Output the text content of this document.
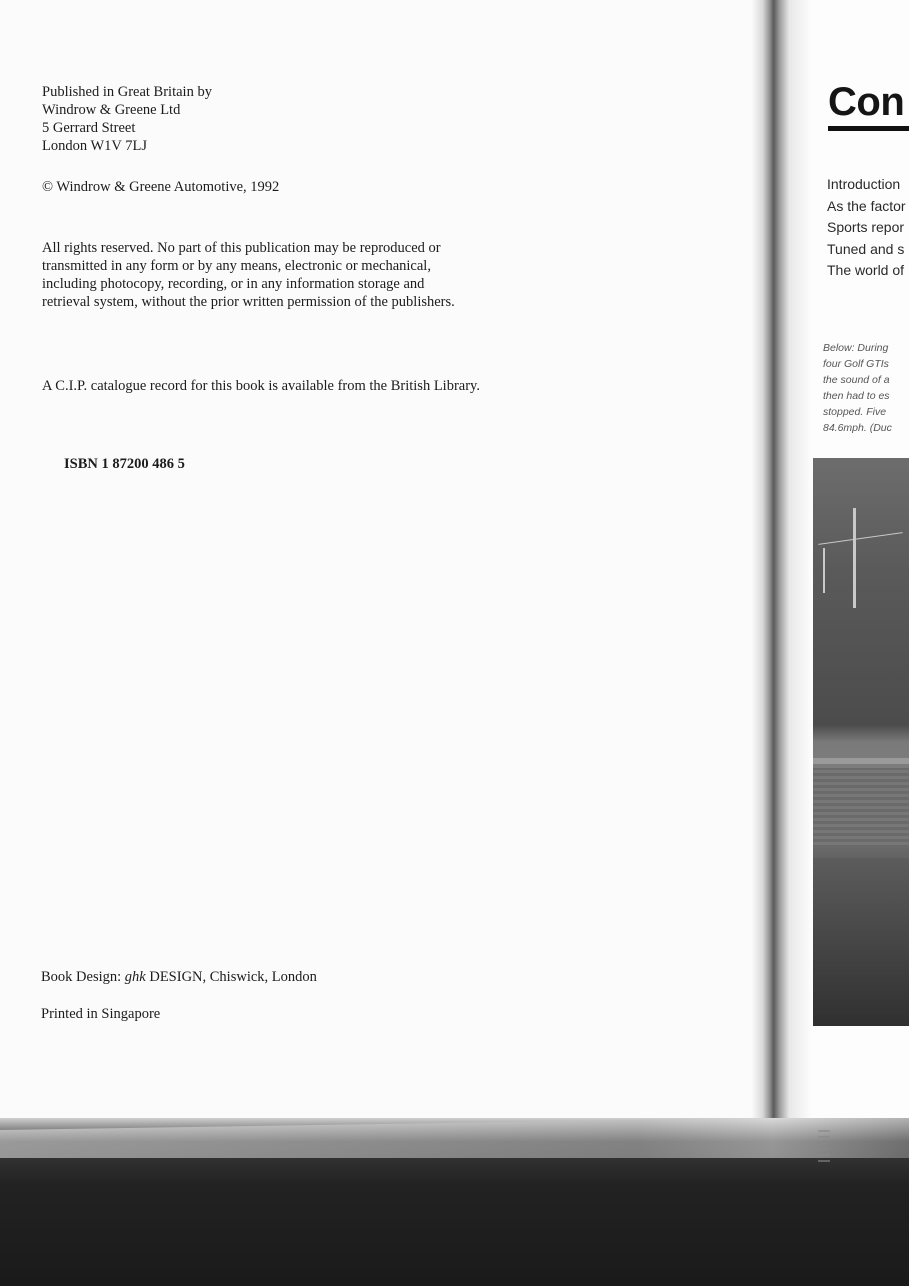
Published in Great Britain by
Windrow & Greene Ltd
5 Gerrard Street
London W1V 7LJ
© Windrow & Greene Automotive, 1992
All rights reserved. No part of this publication may be reproduced or
transmitted in any form or by any means, electronic or mechanical,
including photocopy, recording, or in any information storage and
retrieval system, without the prior written permission of the publishers.
A C.I.P. catalogue record for this book is available from the British Library.
ISBN 1 87200 486 5
Book Design: ghk DESIGN, Chiswick, London
Printed in Singapore
Con
Introduction
As the factor
Sports repor
Tuned and s
The world of
Below: During
four Golf GTIs
the sound of a
then had to es
stopped. Five
84.6mph. (Duc
